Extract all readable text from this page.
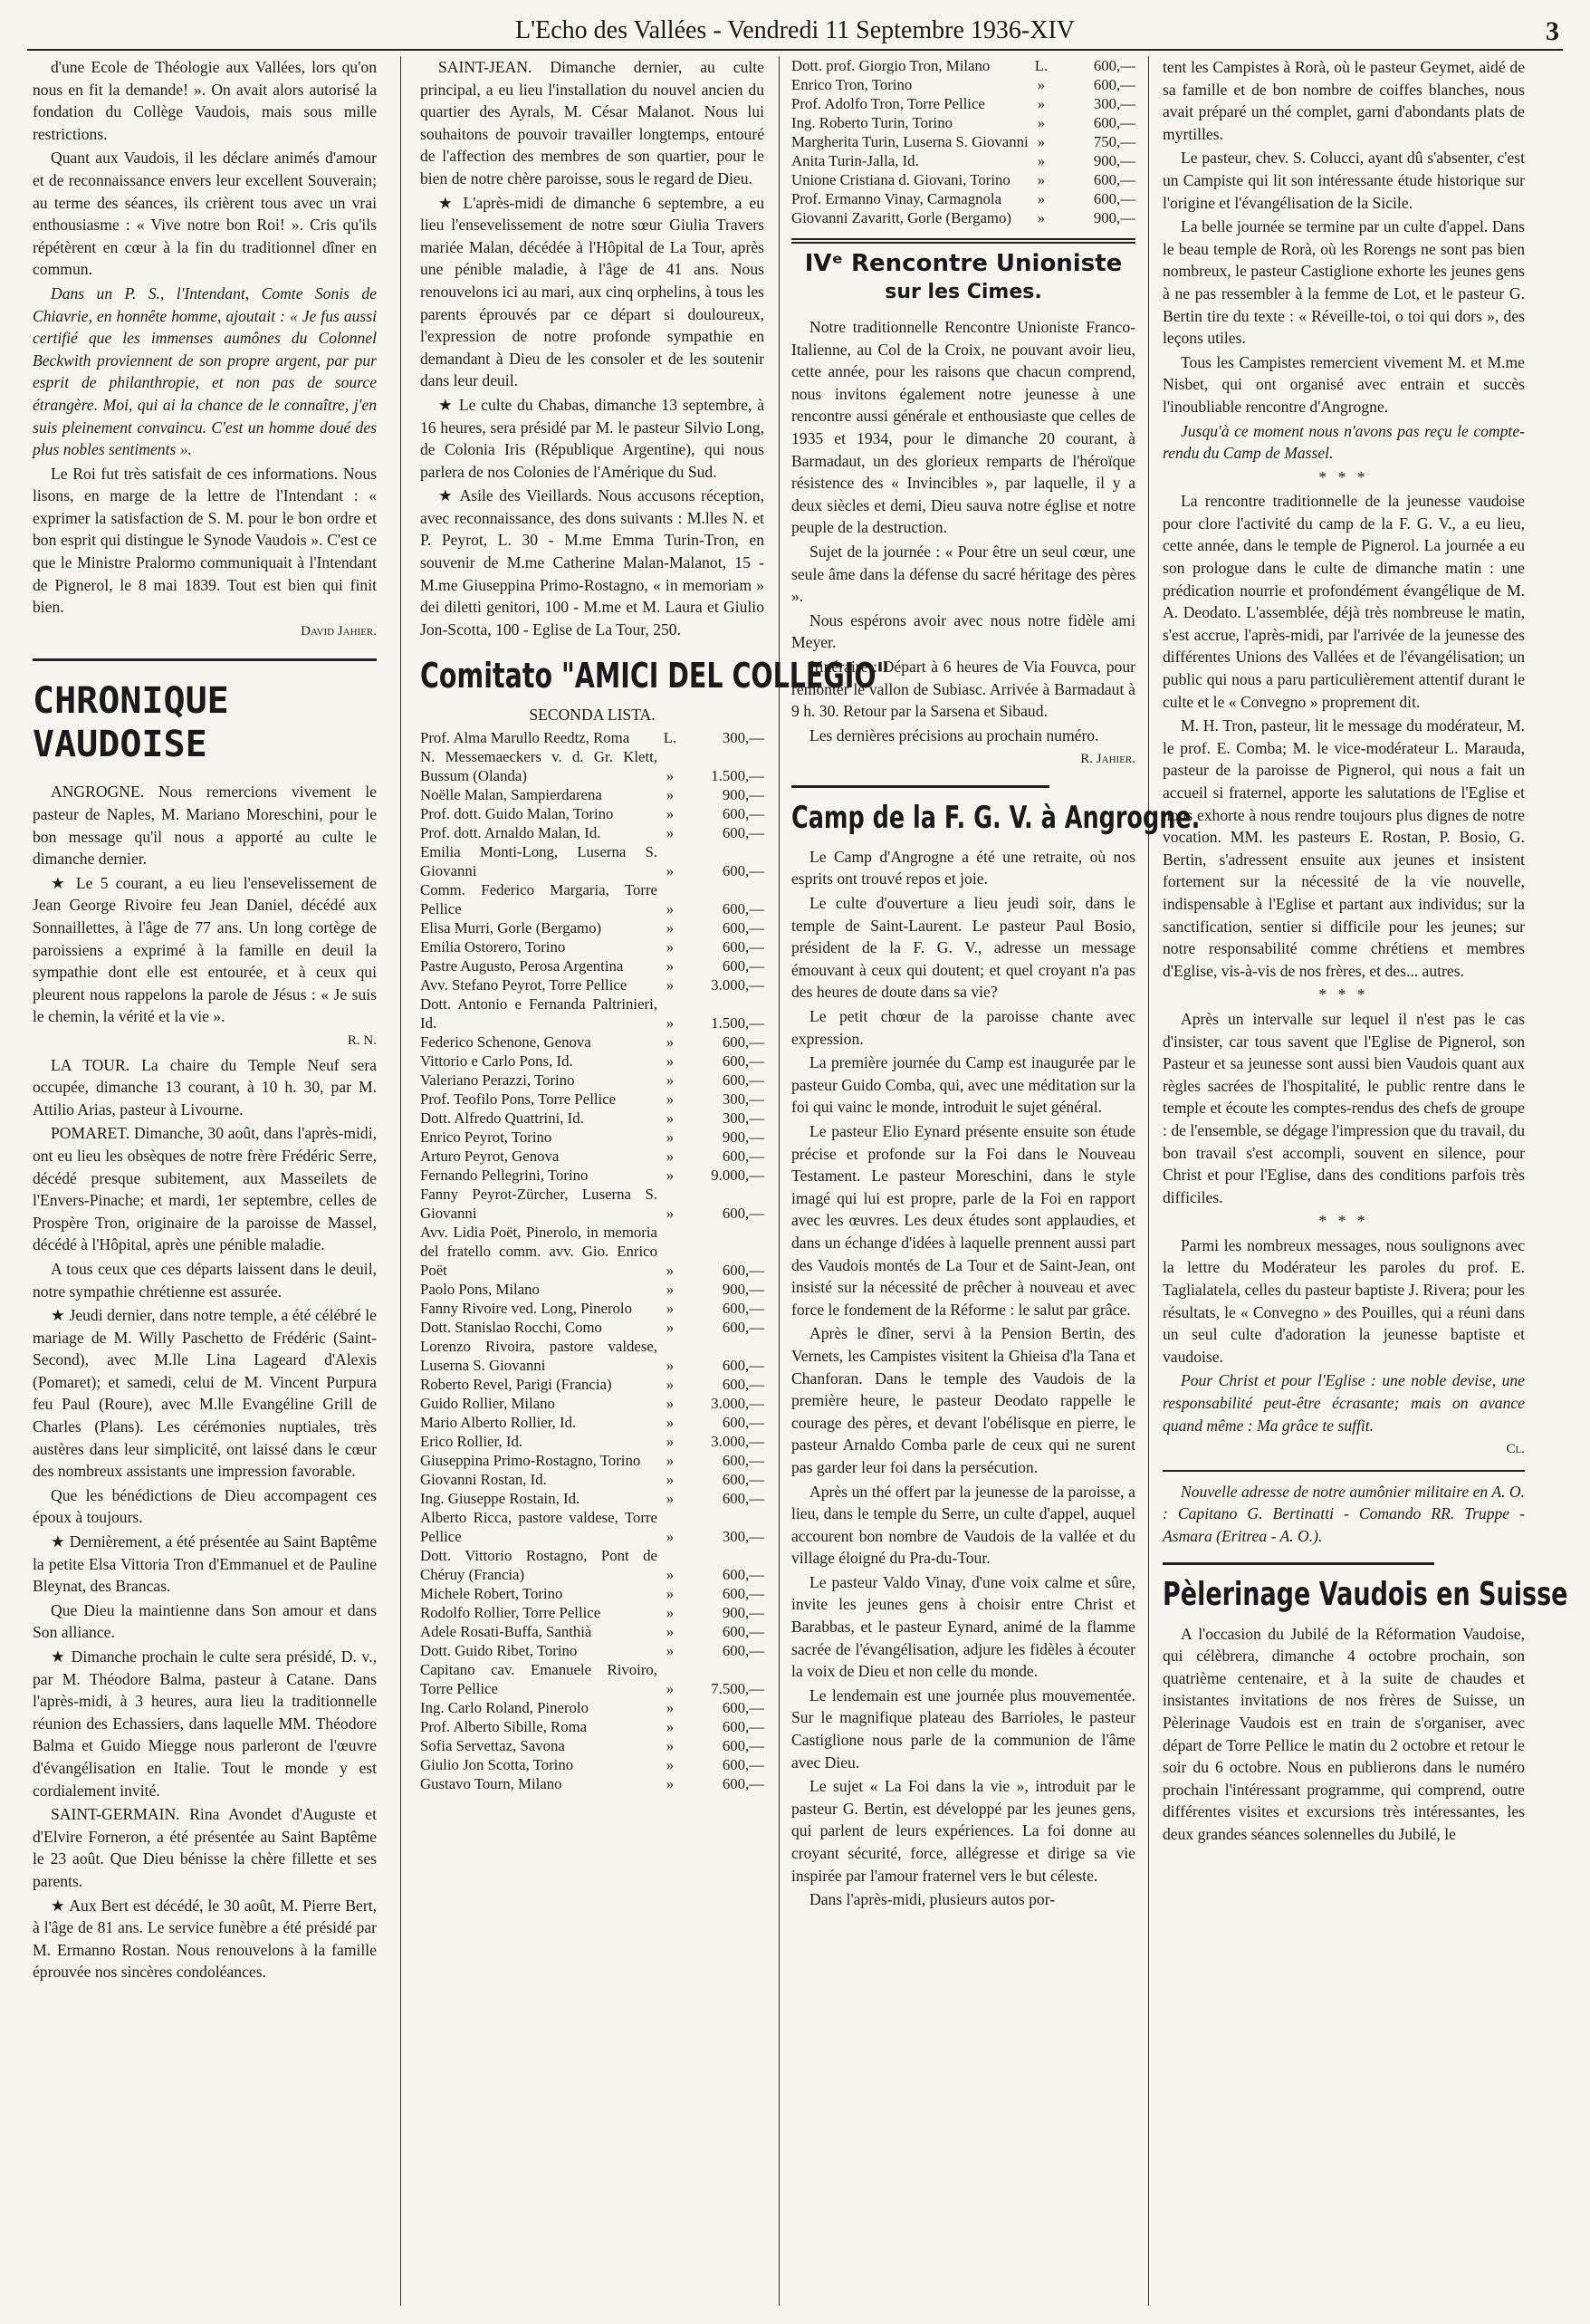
L'Echo des Vallées - Vendredi 11 Septembre 1936-XIV	3

d'une Ecole de Théologie aux Vallées, lors qu'on nous en fit la demande! ». On avait alors autorisé la fondation du Collège Vaudois, mais sous mille restrictions.

Quant aux Vaudois, il les déclare animés d'amour et de reconnaissance envers leur excellent Souverain; au terme des séances, ils crièrent tous avec un vrai enthousiasme : « Vive notre bon Roi! ». Cris qu'ils répétèrent en cœur à la fin du traditionnel dîner en commun.

Dans un P. S., l'Intendant, Comte Sonis de Chiavrie, en honnête homme, ajoutait : « Je fus aussi certifié que les immenses aumônes du Colonnel Beckwith proviennent de son propre argent, par pur esprit de philanthropie, et non pas de source étrangère. Moi, qui ai la chance de le connaître, j'en suis pleinement convaincu. C'est un homme doué des plus nobles sentiments ».

Le Roi fut très satisfait de ces informations. Nous lisons, en marge de la lettre de l'Intendant : « exprimer la satisfaction de S. M. pour le bon ordre et bon esprit qui distingue le Synode Vaudois ». C'est ce que le Ministre Pralormo communiquait à l'Intendant de Pignerol, le 8 mai 1839. Tout est bien qui finit bien.

David Jahier.

CHRONIQUE VAUDOISE

ANGROGNE. Nous remercions vivement le pasteur de Naples, M. Mariano Moreschini, pour le bon message qu'il nous a apporté au culte le dimanche dernier.

★ Le 5 courant, a eu lieu l'ensevelissement de Jean George Rivoire feu Jean Daniel, décédé aux Sonnaillettes, à l'âge de 77 ans. Un long cortège de paroissiens a exprimé à la famille en deuil la sympathie dont elle est entourée, et à ceux qui pleurent nous rappelons la parole de Jésus : « Je suis le chemin, la vérité et la vie ».

R. N.

LA TOUR. La chaire du Temple Neuf sera occupée, dimanche 13 courant, à 10 h. 30, par M. Attilio Arias, pasteur à Livourne.

POMARET. Dimanche, 30 août, dans l'après-midi, ont eu lieu les obsèques de notre frère Frédéric Serre, décédé presque subitement, aux Masseilets de l'Envers-Pinache; et mardi, 1er septembre, celles de Prospère Tron, originaire de la paroisse de Massel, décédé à l'Hôpital, après une pénible maladie.

A tous ceux que ces départs laissent dans le deuil, notre sympathie chrétienne est assurée.

★ Jeudi dernier, dans notre temple, a été célébré le mariage de M. Willy Paschetto de Frédéric (Saint-Second), avec M.lle Lina Lageard d'Alexis (Pomaret); et samedi, celui de M. Vincent Purpura feu Paul (Roure), avec M.lle Evangéline Grill de Charles (Plans). Les cérémonies nuptiales, très austères dans leur simplicité, ont laissé dans le cœur des nombreux assistants une impression favorable.

Que les bénédictions de Dieu accompagent ces époux à toujours.

★ Dernièrement, a été présentée au Saint Baptême la petite Elsa Vittoria Tron d'Emmanuel et de Pauline Bleynat, des Brancas.

Que Dieu la maintienne dans Son amour et dans Son alliance.

★ Dimanche prochain le culte sera présidé, D. v., par M. Théodore Balma, pasteur à Catane. Dans l'après-midi, à 3 heures, aura lieu la traditionnelle réunion des Echassiers, dans laquelle MM. Théodore Balma et Guido Miegge nous parleront de l'œuvre d'évangélisation en Italie. Tout le monde y est cordialement invité.

SAINT-GERMAIN. Rina Avondet d'Auguste et d'Elvire Forneron, a été présentée au Saint Baptême le 23 août. Que Dieu bénisse la chère fillette et ses parents.

★ Aux Bert est décédé, le 30 août, M. Pierre Bert, à l'âge de 81 ans. Le service funèbre a été présidé par M. Ermanno Rostan. Nous renouvelons à la famille éprouvée nos sincères condoléances.

SAINT-JEAN. Dimanche dernier, au culte principal, a eu lieu l'installation du nouvel ancien du quartier des Ayrals, M. César Malanot. Nous lui souhaitons de pouvoir travailler longtemps, entouré de l'affection des membres de son quartier, pour le bien de notre chère paroisse, sous le regard de Dieu.

★ L'après-midi de dimanche 6 septembre, a eu lieu l'ensevelissement de notre sœur Giulia Travers mariée Malan, décédée à l'Hôpital de La Tour, après une pénible maladie, à l'âge de 41 ans. Nous renouvelons ici au mari, aux cinq orphelins, à tous les parents éprouvés par ce départ si douloureux, l'expression de notre profonde sympathie en demandant à Dieu de les consoler et de les soutenir dans leur deuil.

★ Le culte du Chabas, dimanche 13 septembre, à 16 heures, sera présidé par M. le pasteur Silvio Long, de Colonia Iris (République Argentine), qui nous parlera de nos Colonies de l'Amérique du Sud.

★ Asile des Vieillards. Nous accusons réception, avec reconnaissance, des dons suivants : M.lles N. et P. Peyrot, L. 30 - M.me Emma Turin-Tron, en souvenir de M.me Catherine Malan-Malanot, 15 - M.me Giuseppina Primo-Rostagno, « in memoriam » dei diletti genitori, 100 - M.me et M. Laura et Giulio Jon-Scotta, 100 - Eglise de La Tour, 250.

Comitato "AMICI DEL COLLEGIO"

SECONDA LISTA.

Prof. Alma Marullo Reedtz, Roma	L.	300,—
N. Messemaeckers v. d. Gr. Klett, Bussum (Olanda)	»	1.500,—
Noëlle Malan, Sampierdarena	»	900,—
Prof. dott. Guido Malan, Torino	»	600,—
Prof. dott. Arnaldo Malan, Id.	»	600,—
Emilia Monti-Long, Luserna S. Giovanni	»	600,—
Comm. Federico Margaria, Torre Pellice	»	600,—
Elisa Murri, Gorle (Bergamo)	»	600,—
Emilia Ostorero, Torino	»	600,—
Pastre Augusto, Perosa Argentina	»	600,—
Avv. Stefano Peyrot, Torre Pellice	»	3.000,—
Dott. Antonio e Fernanda Paltrinieri, Id.	»	1.500,—
Federico Schenone, Genova	»	600,—
Vittorio e Carlo Pons, Id.	»	600,—
Valeriano Perazzi, Torino	»	600,—
Prof. Teofilo Pons, Torre Pellice	»	300,—
Dott. Alfredo Quattrini, Id.	»	300,—
Enrico Peyrot, Torino	»	900,—
Arturo Peyrot, Genova	»	600,—
Fernando Pellegrini, Torino	»	9.000,—
Fanny Peyrot-Zürcher, Luserna S. Giovanni	»	600,—
Avv. Lidia Poët, Pinerolo, in memoria del fratello comm. avv. Gio. Enrico Poët	»	600,—
Paolo Pons, Milano	»	900,—
Fanny Rivoire ved. Long, Pinerolo	»	600,—
Dott. Stanislao Rocchi, Como	»	600,—
Lorenzo Rivoira, pastore valdese, Luserna S. Giovanni	»	600,—
Roberto Revel, Parigi (Francia)	»	600,—
Guido Rollier, Milano	»	3.000,—
Mario Alberto Rollier, Id.	»	600,—
Erico Rollier, Id.	»	3.000,—
Giuseppina Primo-Rostagno, Torino	»	600,—
Giovanni Rostan, Id.	»	600,—
Ing. Giuseppe Rostain, Id.	»	600,—
Alberto Ricca, pastore valdese, Torre Pellice	»	300,—
Dott. Vittorio Rostagno, Pont de Chéruy (Francia)	»	600,—
Michele Robert, Torino	»	600,—
Rodolfo Rollier, Torre Pellice	»	900,—
Adele Rosati-Buffa, Santhià	»	600,—
Dott. Guido Ribet, Torino	»	600,—
Capitano cav. Emanuele Rivoiro, Torre Pellice	»	7.500,—
Ing. Carlo Roland, Pinerolo	»	600,—
Prof. Alberto Sibille, Roma	»	600,—
Sofia Servettaz, Savona	»	600,—
Giulio Jon Scotta, Torino	»	600,—
Gustavo Tourn, Milano	»	600,—
Dott. prof. Giorgio Tron, Milano	L.	600,—
Enrico Tron, Torino	»	600,—
Prof. Adolfo Tron, Torre Pellice	»	300,—
Ing. Roberto Turin, Torino	»	600,—
Margherita Turin, Luserna S. Giovanni	»	750,—
Anita Turin-Jalla, Id.	»	900,—
Unione Cristiana d. Giovani, Torino	»	600,—
Prof. Ermanno Vinay, Carmagnola	»	600,—
Giovanni Zavaritt, Gorle (Bergamo)	»	900,—
IVᵉ Rencontre Unioniste
sur les Cimes.

Notre traditionnelle Rencontre Unioniste Franco-Italienne, au Col de la Croix, ne pouvant avoir lieu, cette année, pour les raisons que chacun comprend, nous invitons également notre jeunesse à une rencontre aussi générale et enthousiaste que celles de 1935 et 1934, pour le dimanche 20 courant, à Barmadaut, un des glorieux remparts de l'héroïque résistence des « Invincibles », par laquelle, il y a deux siècles et demi, Dieu sauva notre église et notre peuple de la destruction.

Sujet de la journée : « Pour être un seul cœur, une seule âme dans la défense du sacré héritage des pères ».

Nous espérons avoir avec nous notre fidèle ami Meyer.

Itinéraire : Départ à 6 heures de Via Fouvca, pour remonter le vallon de Subiasc. Arrivée à Barmadaut à 9 h. 30. Retour par la Sarsena et Sibaud.

Les dernières précisions au prochain numéro.

R. Jahier.

Camp de la F. G. V. à Angrogne.

Le Camp d'Angrogne a été une retraite, où nos esprits ont trouvé repos et joie.

Le culte d'ouverture a lieu jeudi soir, dans le temple de Saint-Laurent. Le pasteur Paul Bosio, président de la F. G. V., adresse un message émouvant à ceux qui doutent; et quel croyant n'a pas des heures de doute dans sa vie?

Le petit chœur de la paroisse chante avec expression.

La première journée du Camp est inaugurée par le pasteur Guido Comba, qui, avec une méditation sur la foi qui vainc le monde, introduit le sujet général.

Le pasteur Elio Eynard présente ensuite son étude précise et profonde sur la Foi dans le Nouveau Testament. Le pasteur Moreschini, dans le style imagé qui lui est propre, parle de la Foi en rapport avec les œuvres. Les deux études sont applaudies, et dans un échange d'idées à laquelle prennent aussi part des Vaudois montés de La Tour et de Saint-Jean, ont insisté sur la nécessité de prêcher à nouveau et avec force le fondement de la Réforme : le salut par grâce.

Après le dîner, servi à la Pension Bertin, des Vernets, les Campistes visitent la Ghieisa d'la Tana et Chanforan. Dans le temple des Vaudois de la première heure, le pasteur Deodato rappelle le courage des pères, et devant l'obélisque en pierre, le pasteur Arnaldo Comba parle de ceux qui ne surent pas garder leur foi dans la persécution.

Après un thé offert par la jeunesse de la paroisse, a lieu, dans le temple du Serre, un culte d'appel, auquel accourent bon nombre de Vaudois de la vallée et du village éloigné du Pra-du-Tour.

Le pasteur Valdo Vinay, d'une voix calme et sûre, invite les jeunes gens à choisir entre Christ et Barabbas, et le pasteur Eynard, animé de la flamme sacrée de l'évangélisation, adjure les fidèles à écouter la voix de Dieu et non celle du monde.

Le lendemain est une journée plus mouvementée. Sur le magnifique plateau des Barrioles, le pasteur Castiglione nous parle de la communion de l'âme avec Dieu.

Le sujet « La Foi dans la vie », introduit par le pasteur G. Bertin, est développé par les jeunes gens, qui parlent de leurs expériences. La foi donne au croyant sécurité, force, allégresse et dirige sa vie inspirée par l'amour fraternel vers le but céleste.

Dans l'après-midi, plusieurs autos por-

tent les Campistes à Rorà, où le pasteur Geymet, aidé de sa famille et de bon nombre de coiffes blanches, nous avait préparé un thé complet, garni d'abondants plats de myrtilles.

Le pasteur, chev. S. Colucci, ayant dû s'absenter, c'est un Campiste qui lit son intéressante étude historique sur l'origine et l'évangélisation de la Sicile.

La belle journée se termine par un culte d'appel. Dans le beau temple de Rorà, où les Rorengs ne sont pas bien nombreux, le pasteur Castiglione exhorte les jeunes gens à ne pas ressembler à la femme de Lot, et le pasteur G. Bertin tire du texte : « Réveille-toi, o toi qui dors », des leçons utiles.

Tous les Campistes remercient vivement M. et M.me Nisbet, qui ont organisé avec entrain et succès l'inoubliable rencontre d'Angrogne.

Jusqu'à ce moment nous n'avons pas reçu le compte-rendu du Camp de Massel.

* * *

La rencontre traditionnelle de la jeunesse vaudoise pour clore l'activité du camp de la F. G. V., a eu lieu, cette année, dans le temple de Pignerol. La journée a eu son prologue dans le culte de dimanche matin : une prédication nourrie et profondément évangélique de M. A. Deodato. L'assemblée, déjà très nombreuse le matin, s'est accrue, l'après-midi, par l'arrivée de la jeunesse des différentes Unions des Vallées et de l'évangélisation; un public qui nous a paru particulièrement attentif durant le culte et le « Convegno » proprement dit.

M. H. Tron, pasteur, lit le message du modérateur, M. le prof. E. Comba; M. le vice-modérateur L. Marauda, pasteur de la paroisse de Pignerol, qui nous a fait un accueil si fraternel, apporte les salutations de l'Eglise et nous exhorte à nous rendre toujours plus dignes de notre vocation. MM. les pasteurs E. Rostan, P. Bosio, G. Bertin, s'adressent ensuite aux jeunes et insistent fortement sur la nécessité de la vie nouvelle, indispensable à l'Eglise et partant aux individus; sur la sanctification, sentier si difficile pour les jeunes; sur notre responsabilité comme chrétiens et membres d'Eglise, vis-à-vis de nos frères, et des... autres.

* * *

Après un intervalle sur lequel il n'est pas le cas d'insister, car tous savent que l'Eglise de Pignerol, son Pasteur et sa jeunesse sont aussi bien Vaudois quant aux règles sacrées de l'hospitalité, le public rentre dans le temple et écoute les comptes-rendus des chefs de groupe : de l'ensemble, se dégage l'impression que du travail, du bon travail s'est accompli, souvent en silence, pour Christ et pour l'Eglise, dans des conditions parfois très difficiles.

* * *

Parmi les nombreux messages, nous soulignons avec la lettre du Modérateur les paroles du prof. E. Taglialatela, celles du pasteur baptiste J. Rivera; pour les résultats, le « Convegno » des Pouilles, qui a réuni dans un seul culte d'adoration la jeunesse baptiste et vaudoise.

Pour Christ et pour l'Eglise : une noble devise, une responsabilité peut-être écrasante; mais on avance quand même : Ma grâce te suffit.

Cl.

Nouvelle adresse de notre aumônier militaire en A. O. : Capitano G. Bertinatti - Comando RR. Truppe - Asmara (Eritrea - A. O.).

Pèlerinage Vaudois en Suisse

A l'occasion du Jubilé de la Réformation Vaudoise, qui célèbrera, dimanche 4 octobre prochain, son quatrième centenaire, et à la suite de chaudes et insistantes invitations de nos frères de Suisse, un Pèlerinage Vaudois est en train de s'organiser, avec départ de Torre Pellice le matin du 2 octobre et retour le soir du 6 octobre. Nous en publierons dans le numéro prochain l'intéressant programme, qui comprend, outre différentes visites et excursions très intéressantes, les deux grandes séances solennelles du Jubilé, le
